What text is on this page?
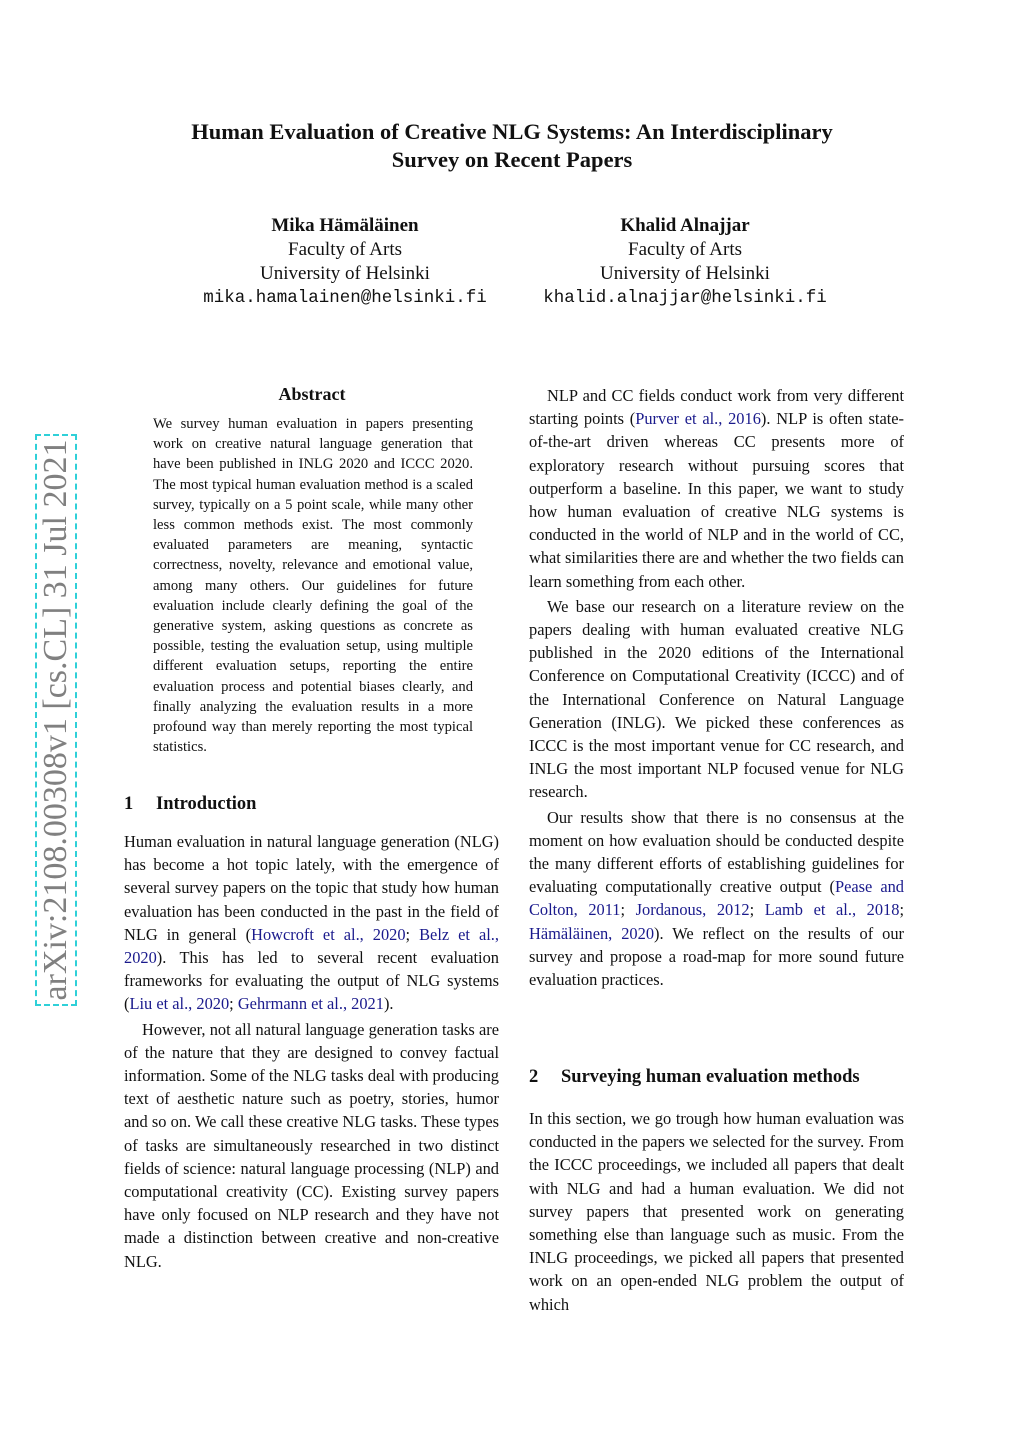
arXiv:2108.00308v1 [cs.CL] 31 Jul 2021
Human Evaluation of Creative NLG Systems: An Interdisciplinary
Survey on Recent Papers
Mika Hämäläinen
Faculty of Arts
University of Helsinki
mika.hamalainen@helsinki.fi
Khalid Alnajjar
Faculty of Arts
University of Helsinki
khalid.alnajjar@helsinki.fi
Abstract
We survey human evaluation in papers presenting work on creative natural language generation that have been published in INLG 2020 and ICCC 2020. The most typical human evaluation method is a scaled survey, typically on a 5 point scale, while many other less common methods exist. The most commonly evaluated parameters are meaning, syntactic correctness, novelty, relevance and emotional value, among many others. Our guidelines for future evaluation include clearly defining the goal of the generative system, asking questions as concrete as possible, testing the evaluation setup, using multiple different evaluation setups, reporting the entire evaluation process and potential biases clearly, and finally analyzing the evaluation results in a more profound way than merely reporting the most typical statistics.
1 Introduction

Human evaluation in natural language generation (NLG) has become a hot topic lately, with the emergence of several survey papers on the topic that study how human evaluation has been conducted in the past in the field of NLG in general (Howcroft et al., 2020; Belz et al., 2020). This has led to several recent evaluation frameworks for evaluating the output of NLG systems (Liu et al., 2020; Gehrmann et al., 2021).

However, not all natural language generation tasks are of the nature that they are designed to convey factual information. Some of the NLG tasks deal with producing text of aesthetic nature such as poetry, stories, humor and so on. We call these creative NLG tasks. These types of tasks are simultaneously researched in two distinct fields of science: natural language processing (NLP) and computational creativity (CC). Existing survey papers have only focused on NLP research and they have not made a distinction between creative and non-creative NLG.

NLP and CC fields conduct work from very different starting points (Purver et al., 2016). NLP is often state-of-the-art driven whereas CC presents more of exploratory research without pursuing scores that outperform a baseline. In this paper, we want to study how human evaluation of creative NLG systems is conducted in the world of NLP and in the world of CC, what similarities there are and whether the two fields can learn something from each other.

We base our research on a literature review on the papers dealing with human evaluated creative NLG published in the 2020 editions of the International Conference on Computational Creativity (ICCC) and of the International Conference on Natural Language Generation (INLG). We picked these conferences as ICCC is the most important venue for CC research, and INLG the most important NLP focused venue for NLG research.

Our results show that there is no consensus at the moment on how evaluation should be conducted despite the many different efforts of establishing guidelines for evaluating computationally creative output (Pease and Colton, 2011; Jordanous, 2012; Lamb et al., 2018; Hämäläinen, 2020). We reflect on the results of our survey and propose a road-map for more sound future evaluation practices.

2 Surveying human evaluation methods

In this section, we go trough how human evaluation was conducted in the papers we selected for the survey. From the ICCC proceedings, we included all papers that dealt with NLG and had a human evaluation. We did not survey papers that presented work on generating something else than language such as music. From the INLG proceedings, we picked all papers that presented work on an open-ended NLG problem the output of which
